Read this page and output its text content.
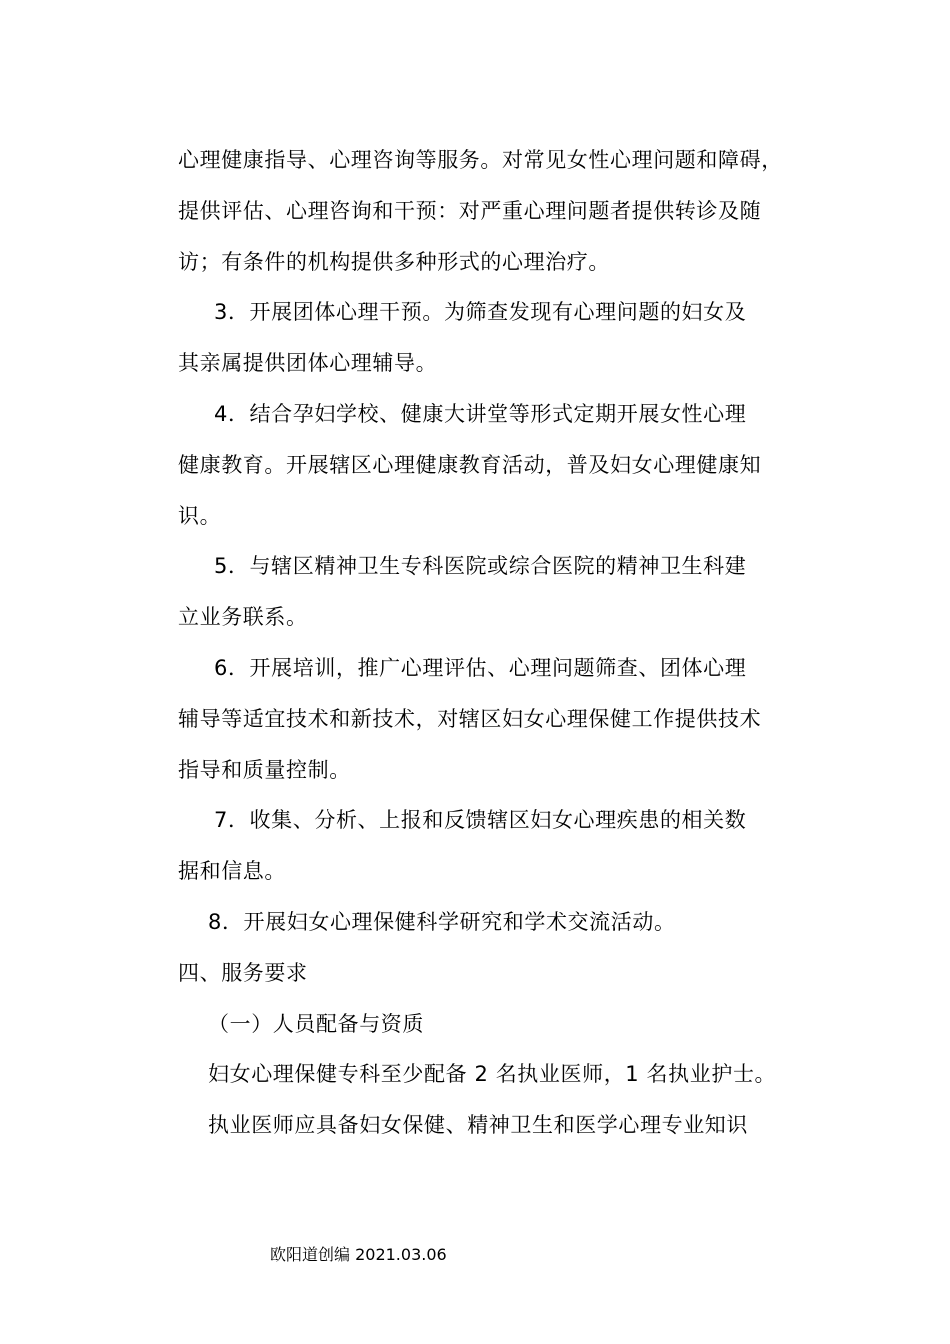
心理健康指导、心理咨询等服务。对常见女性心理问题和障碍，
提供评估、心理咨询和干预：对严重心理问题者提供转诊及随
访；有条件的机构提供多种形式的心理治疗。
3．开展团体心理干预。为筛查发现有心理问题的妇女及
其亲属提供团体心理辅导。
4．结合孕妇学校、健康大讲堂等形式定期开展女性心理
健康教育。开展辖区心理健康教育活动，普及妇女心理健康知
识。
5．与辖区精神卫生专科医院或综合医院的精神卫生科建
立业务联系。
6．开展培训，推广心理评估、心理问题筛查、团体心理
辅导等适宜技术和新技术，对辖区妇女心理保健工作提供技术
指导和质量控制。
7．收集、分析、上报和反馈辖区妇女心理疾患的相关数
据和信息。
8．开展妇女心理保健科学研究和学术交流活动。
四、服务要求
（一）人员配备与资质
妇女心理保健专科至少配备 2 名执业医师，1 名执业护士。
执业医师应具备妇女保健、精神卫生和医学心理专业知识
欧阳道创编 2021.03.06
